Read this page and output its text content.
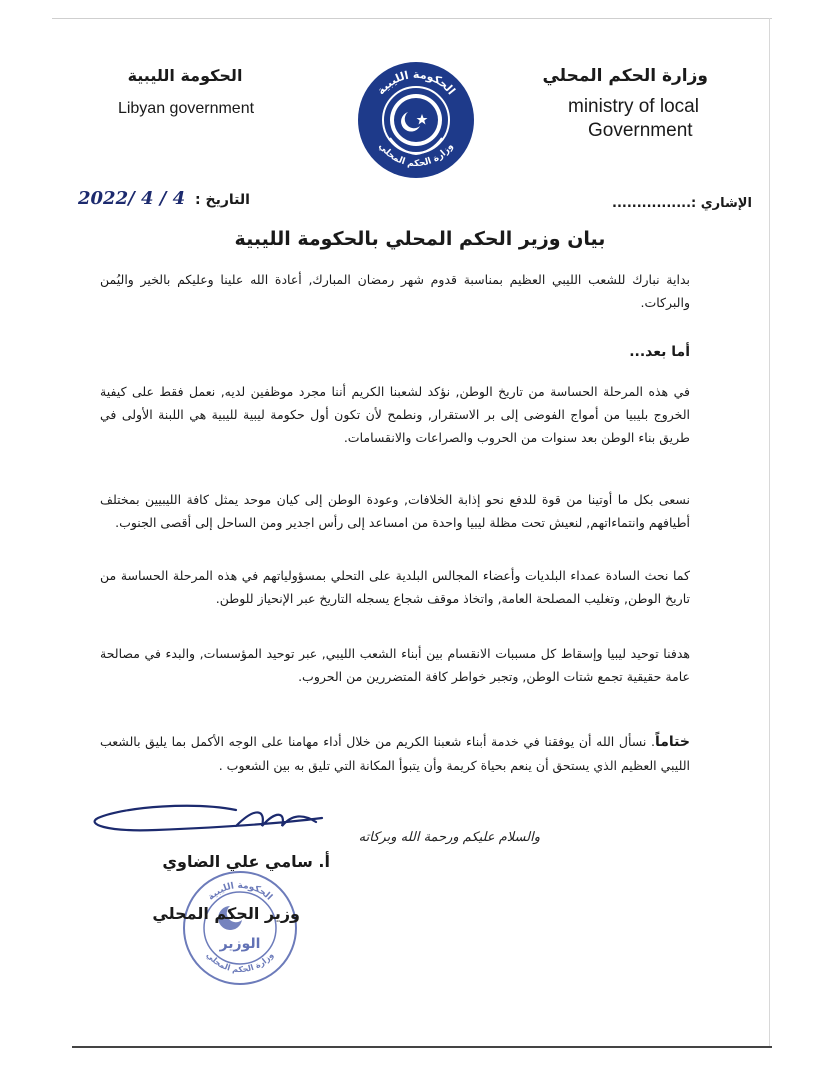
وزارة الحكم المحلي
ministry of local
Government
الحكومة الليبية
Libyan government
الحكومة الليبية
وزارة الحكم المحلي
2022/ 4 / 4 التاريخ :	الإشاري :................
بيان وزير الحكم المحلي بالحكومة الليبية
بداية نبارك للشعب الليبي العظيم بمناسبة قدوم شهر رمضان المبارك, أعادة الله علينا وعليكم بالخير واليُمن والبركات.
أما بعد...
في هذه المرحلة الحساسة من تاريخ الوطن, نؤكد لشعبنا الكريم أننا مجرد موظفين لديه, نعمل فقط على كيفية الخروج بليبيا من أمواج الفوضى إلى بر الاستقرار, ونطمح لأن تكون أول حكومة ليبية لليبية هي اللبنة الأولى في طريق بناء الوطن بعد سنوات من الحروب والصراعات والانقسامات.
نسعى بكل ما أوتينا من قوة للدفع نحو إذابة الخلافات, وعودة الوطن إلى كيان موحد يمثل كافة الليبيين بمختلف أطيافهم وانتماءاتهم, لنعيش تحت مظلة ليبيا واحدة من امساعد إلى رأس اجدير ومن الساحل إلى أقصى الجنوب.
كما نحث السادة عمداء البلديات وأعضاء المجالس البلدية على التحلي بمسؤولياتهم في هذه المرحلة الحساسة من تاريخ الوطن, وتغليب المصلحة العامة, واتخاذ موقف شجاع يسجله التاريخ عبر الإنحياز للوطن.
هدفنا توحيد ليبيا وإسقاط كل مسببات الانقسام بين أبناء الشعب الليبي, عبر توحيد المؤسسات, والبدء في مصالحة عامة حقيقية تجمع شتات الوطن, وتجبر خواطر كافة المتضررين من الحروب.
ختاماً. نسأل الله أن يوفقنا في خدمة أبناء شعبنا الكريم من خلال أداء مهامنا على الوجه الأكمل بما يليق بالشعب الليبي العظيم الذي يستحق أن ينعم بحياة كريمة وأن يتبوأ المكانة التي تليق به بين الشعوب .
والسلام عليكم ورحمة الله وبركاته
أ. سامي علي الضاوي
الوزير
الحكومة الليبية
وزارة الحكم المحلي
وزير الحكم المحلي
